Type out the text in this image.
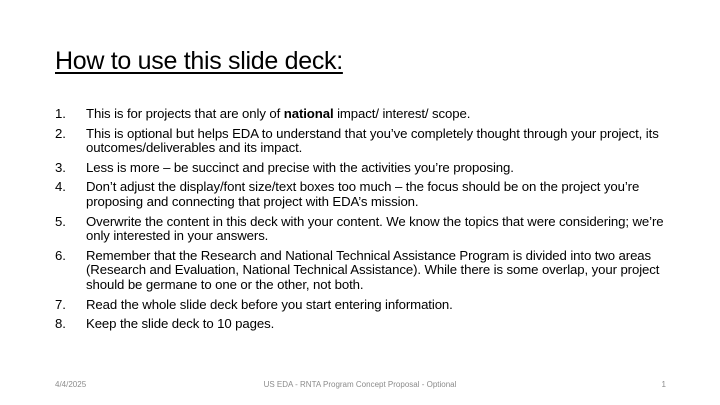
How to use this slide deck:
1.	This is for projects that are only of national impact/ interest/ scope.
2.	This is optional but helps EDA to understand that you’ve completely thought through your project, its outcomes/deliverables and its impact.
3.	Less is more – be succinct and precise with the activities you’re proposing.
4.	Don’t adjust the display/font size/text boxes too much – the focus should be on the project you’re proposing and connecting that project with EDA’s mission.
5.	Overwrite the content in this deck with your content. We know the topics that were considering; we’re only interested in your answers.
6.	Remember that the Research and National Technical Assistance Program is divided into two areas (Research and Evaluation, National Technical Assistance). While there is some overlap, your project should be germane to one or the other, not both.
7.	Read the whole slide deck before you start entering information.
8.	Keep the slide deck to 10 pages.
4/4/2025	US EDA - RNTA Program Concept Proposal - Optional	1
